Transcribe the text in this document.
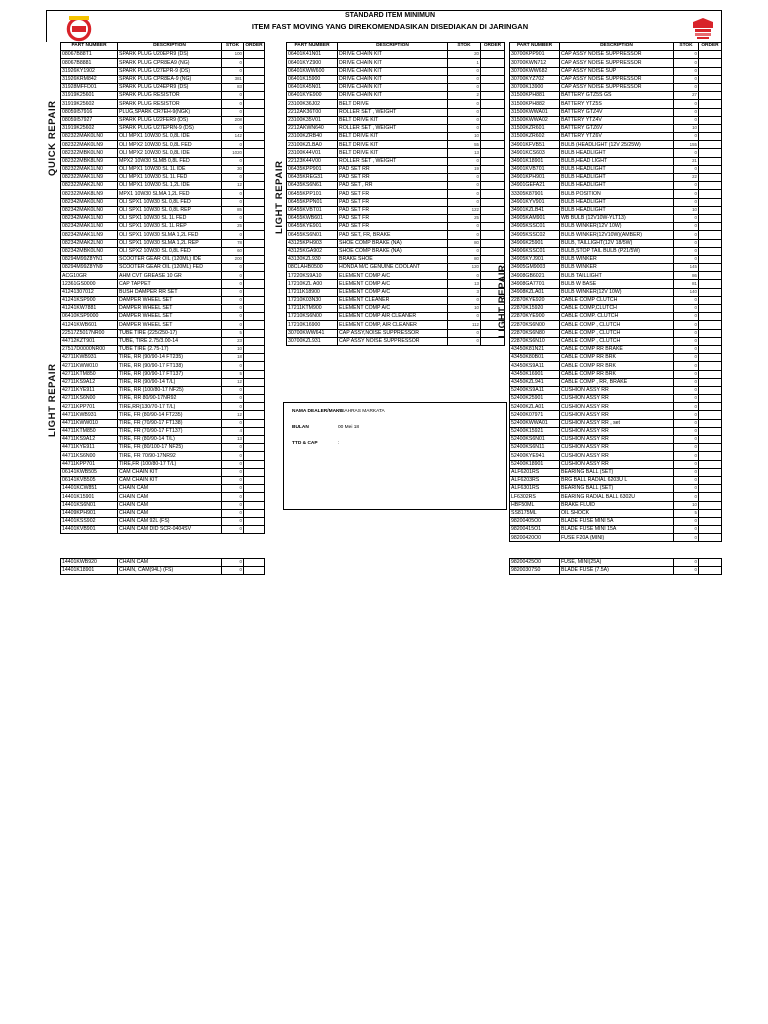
STANDARD ITEM MINIMUN
ITEM FAST MOVING YANG DIREKOMENDASIKAN DISEDIAKAN DI JARINGAN
PART NUMBER	DESCRIPTION	STOK	ORDER
08067B88T1	SPARK PLUG U20EPR9 (DS)	100	
08067B8881	SPARK PLUG CPR8EA9 (NG)	0	
31926KY1902	SPARK PLUG U27EPR-9 (DS)	0	
31926KRM842	SPARK PLUG CPR8EA-9 (NG)	381	
31928MFFD01	SPARK PLUG U24EPR9 (DS)	83	
31919K25601	SPARK PLUG RESISTOR	0	
31919K25602	SPARK PLUG RESISTOR	0	
08059I57916	PLUG,SPARK CR7EH-9(NGK)	0	
08059I57927	SPARK PLUG U22FER9 (DS)	208	
31919K25602	SPARK PLUG U27EPRN-9 (DS)	0	
082322MAK0LN0	OLI MPX1 10W30 SL 0,8L IDE	142	
082322MAK0LN9	OLI MPX2 10W30 SL 0,8L FED	0	
082322MBK0LN0	OLI MPX2 10W30 SL 0,8L IDE	1020	
082322MBK8LN9	MPX2 10W30 SLMB 0,8L FED	0	
082322MAK1LN0	OLI MPX1 10W30 SL 1L IDE	30	
082322MAK1LN9	OLI MPX1 10W30 SL 1L FED	0	
082322MAK2LN0	OLI MPX1 10W30 SL 1,2L IDE	12	
082322MAK8LN9	MPX1 10W30 SLMA 1,2L FED	0	
082342MAK0LN0	OLI SPX1 10W30 SL 0,8L FED	0	
082342MAK0LN0	OLI SPX1 10W30 SL 0,8L REP	85	
082342MAK1LN0	OLI SPX1 10W30 SL 1L FED	0	
082342MAK1LN0	OLI SPX1 10W30 SL 1L REP	25	
082342MAK1LN9	OLI SPX1 10W30 SLMA 1,2L FED	0	
082342MAK2LN0	OLI SPX1 10W30 SLMA 1,2L REP	78	
082342MBK0LN0	OLI SPX2 10W30 SL 0,8L FED	60	
08294M99Z8YN1	SCOOTER GEAR OIL (120ML) IDE	200	
08294M99Z8YN9	SCOOTER GEAR OIL (120ML) FED	0	
ACG10GR	AHM CVT GREASE 10 GR	0	
12361GS0000	CAP TAPPET	0	
41241307012	BUSH DAMPER RR SET	0	
41241KSP900	DAMPER WHEEL SET	0	
41241KW7881	DAMPER WHEEL SET	0	
06410KSP9000	DAMPER WHEEL SET	0	
41241KWB601	DAMPER WHEEL SET	0	
22517Z5017NR00	TUBE TIRE (225/250-17)	5	
44712KZT901	TUBE, TIRE 2.75/3.00-14	23	
27517D0000NR00	TUBE TIRE (2.75-17)	10	
42711KWB931	TIRE, RR (90/90-14 FT235)	18	
42711KWW010	TIRE, RR (90/90-17 FT138)	0	
42711KTM850	TIRE, RR (90/90-17 FT137)	5	
42711KS9A12	TIRE, RR (90/90-14 T/L)	12	
42711KYE911	TIRE, RR (100/80-17 NF25)	0	
42711KS6N00	TIRE, RR 80/90-17NR92	0	
42711KPP701	TIRE,RR(130/70-17 T/L)	0	
44711KWB931	TIRE, FR (80/90-14 FT235)	12	
44711KWW010	TIRE, FR (70/90-17 FT138)	0	
44711KTM850	TIRE, FR (70/90-17 FT137)	4	
44711KS9A12	TIRE, FR (80/90-14 T/L)	13	
44711KYE911	TIRE, FR (80/100-17 NF25)	0	
44711KS6N00	TIRE, FR 70/90-17NR92	0	
44711KPP701	TIRE,FR (100/80-17 T/L)	0	
06141KWB505	CAM CHAIN KIT	0	
06141KVB505	CAM CHAIN KIT	0	
14401KCW851	CHAIN CAM	0	
14401K15901	CHAIN CAM	0	
14401KS6N01	CHAIN CAM	0	
14409KPH901	CHAIN CAM	0	
14401KSS902	CHAIN CAM 92L (FS)	0	
14401KVB901	CHAIN CAM DID SCR-0404SV	0	
14401KWB920	CHAIN CAM	0	
14401K18901	CHAIN, CAM(94L) (FS)	0	
PART NUMBER	DESCRIPTION	STOK	ORDER
06401K41N01	DRIVE CHAIN KIT	20	
06401KYZ900	DRIVE CHAIN KIT	1	
06401KWW600	DRIVE CHAIN KIT	0	
06401K15900	DRIVE CHAIN KIT	0	
06401K45N01	DRIVE CHAIN KIT	0	
06401KYE900	DRIVE CHAIN KIT	2	
23100K36J02	BELT DRIVE	0	
2212AK36T00	ROLLER SET , WEIGHT	0	
23100K35V01	BELT DRIVE KIT	0	
2212AKWN640	ROLLER SET , WEIGHT	0	
23100KZRB40	BELT DRIVE KIT	10	
23100KZLBA0	BELT DRIVE KIT	55	
23100K44V01	BELT DRIVE KIT	13	
22123K44V00	ROLLER SET , WEIGHT	0	
06435KPP901	PAD SET RR	19	
06435KREG31	PAD SET RR	0	
06435KS6N61	PAD SET , RR	0	
06455KPP101	PAD SET FR	0	
06455KPPN01	PAD SET FR	0	
06455KVBT01	PAD SET FR	122	
06455KWB601	PAD SET FR	25	
06455KYE901	PAD SET FR	0	
06455KS6N01	PAD SET, FR, BRAKE	0	
43125KPH903	SHOE COMP BRAKE (NA)	80	
43125KGA902	SHOE COMP BRAKE (NA)	0	
43130KZL930	BRAKE SHOE	80	
08CLAHB0500	HONDA M/C GENUINE COOLANT	120	
17220KS9A10	ELEMENT COMP A/C	0	
17210KZL A00	ELEMENT COMP A/C	13	
17211K18900	ELEMENT COMP A/C	3	
17210K03N30	ELEMENT CLEANER	0	
17211KTM900	ELEMENT COMP A/C	10	
17210KS6N00	ELEMENT COMP AIR CLEANER	0	
17210K16900	ELEMENT COMP, AIR CLEANER	112	
30700KWW641	CAP ASSY,NOISE SUPPRESSOR	0	
30700KZL931	CAP ASSY NOISE SUPPRESSOR	0	
PART NUMBER	DESCRIPTION	STOK	ORDER
30700KPP901	CAP ASSY NOISE SUPPRESSOR	0	
30700KWN712	CAP ASSY NOISE SUPPRESSOR	0	
30700KWW682	CAP ASSY NOISE SUP	0	
30700KYZ702	CAP ASSY NOISE SUPPRESSOR	0	
30700K13900	CAP ASSY NOISE SUPPRESSOR	0	
31500KPH881	BATTERY GTZ5S GS	27	
31500KPH882	BATTERY YTZ5S	0	
31500KWWA01	BATTERY GTZ4V	0	
31500KWWA02	BATTERY YTZ4V	0	
31500KZR601	BATTERY GTZ6V	10	
31500KZR602	BATTERY YTZ6V	0	
34901KFVB51	BULB (HEADLIGHT (12V 25/25W)	155	
34901KCS603	BULB HEADLIGHT	0	
34901K18901	BULB,HEAD LIGHT	21	
34901KVB701	BULB HEADLIGHT	0	
34901KPH901	BULB HEADLIGHT	22	
34901GEFA21	BULB HEADLIGHT	0	
33305K87901	BULB POSITION	0	
34901KYV901	BULB HEADLIGHT	0	
34901KZLB41	BULB HEADLIGHT	10	
34905KAM901	WB BULB (12V10W-YLT13)	0	
34905KSSC01	BULB WINKER(12V 10W)	0	
34905KSSC02	BULB WINKER(12V10W)(AMBER)	0	
34906K25901	BULB, TAILLIGHT(12V 18/5W)	0	
34906KSSC01	BULB,STOP TAIL BULB (P21/5W)	0	
34905KYJ901	BULB WINKER	0	
34905GM9003	BULB WINKER	145	
34908GB6021	BULB TAILLIGHT	86	
34908GA7701	BULB W BASE	81	
34908KZLA01	BULB WINKER(12V 10W)	140	
22870KYE920	CABLE COMP CLUTCH	0	
22870K15920	CABLE COMP,CLUTCH	0	
22870KYE900	CABLE COMP. CLUTCH	0	
22870KS6N00	CABLE COMP , CLUTCH	0	
22870KS6N80	CABLE COMP , CLUTCH	0	
22870KS6N10	CABLE COMP , CLUTCH	0	
43450K81N21	CABLE COMP RR BRAKE	0	
43450K80B01	CABLE COMP RR BRK	0	
43450KS9A11	CABLE COMP RR BRK	0	
43450K16901	CABLE COMP RR BRK	0	
43450KZL941	CABLE COMP , RR, BRAKE	0	
52400KS9A11	CUSHION ASSY RR	0	
52400K25901	CUSHION ASSY RR	0	
52400KZLA01	CUSHION ASSY RR	0	
52400K07971	CUSHION ASSY RR	0	
52400KWWA01	CUSHION ASSY RR , set	0	
52400K15921	CUSHION ASSY RR	0	
52400KS6N01	CUSHION ASSY RR	0	
52400KS6N11	CUSHION ASSY RR	0	
52400KYE941	CUSHION ASSY RR	0	
52400K18901	CUSHION ASSY RR	0	
ALF6201RS	BEARING BALL (SET)	0	
ALF6203RS	BRG BALL RADIAL 6203U L	0	
ALF6301RS	BEARING BALL (SET)	0	
LF6302RS	BEARING RADIAL BALL 6302U	0	
HBF50ML	BRAKE FLUID	10	
SS8175ML	OIL SHOCK	5	
98200405O0	BLADE FUSE MINI 5A	0	
98200415O1	BLADE FUSE MINI 15A	0	
98200420O0	FUSE F20A (MINI)	0	
98200425O0	FUSE, MINI(25A)	0	
98200307S0	BLADE FUSE (7.5A)	0	
QUICK REPAIR
LIGHT REPAIR
LIGHT REPAIR
LIGHT REPAIR
NAMA DEALER/MAKS
ASAHRAS MARKATA
BULAN	00 Mei 18
TTD & CAP	:
